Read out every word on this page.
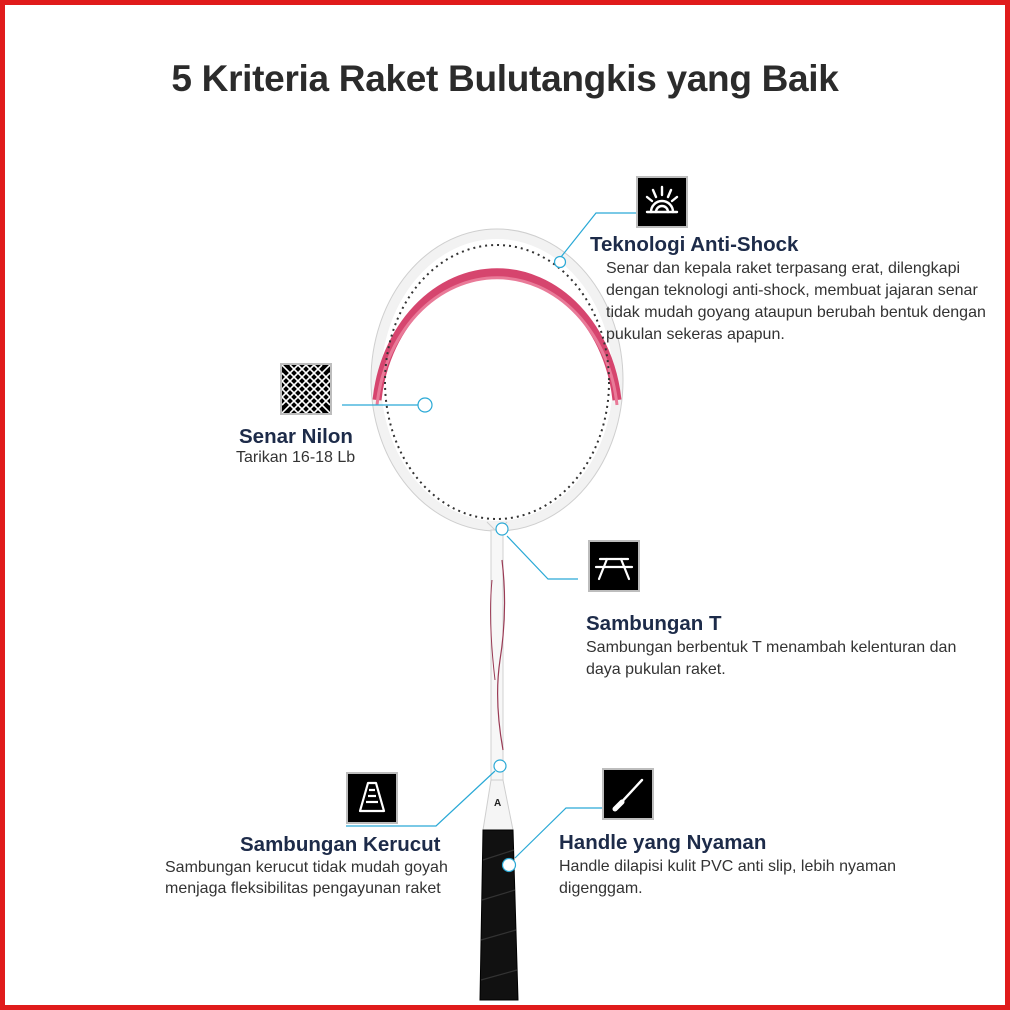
5 Kriteria Raket Bulutangkis yang Baik
A
Teknologi Anti-Shock
Senar dan kepala raket terpasang erat, dilengkapi dengan teknologi anti-shock, membuat jajaran senar tidak mudah goyang ataupun berubah bentuk dengan pukulan sekeras apapun.
Senar Nilon
Tarikan 16-18 Lb
Sambungan T
Sambungan berbentuk T menambah kelenturan dan daya pukulan raket.
Sambungan Kerucut
Sambungan kerucut tidak mudah goyah menjaga fleksibilitas pengayunan raket
Handle yang Nyaman
Handle dilapisi kulit PVC anti slip, lebih nyaman digenggam.
